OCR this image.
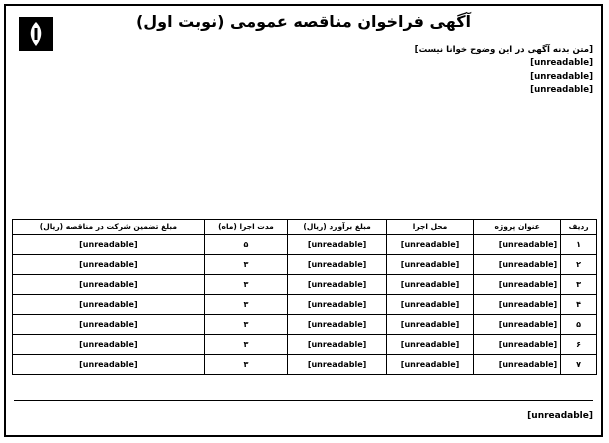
آگهی فراخوان مناقصه عمومی (نوبت اول)

[متن بدنه آگهی در این وضوح خوانا نیست]

[unreadable]

[unreadable]

[unreadable]

ردیف	عنوان پروژه	محل اجرا	مبلغ برآورد (ریال)	مدت اجرا (ماه)	مبلغ تضمین شرکت در مناقصه (ریال)
۱	[unreadable]	[unreadable]	[unreadable]	۵	[unreadable]
۲	[unreadable]	[unreadable]	[unreadable]	۳	[unreadable]
۳	[unreadable]	[unreadable]	[unreadable]	۳	[unreadable]
۴	[unreadable]	[unreadable]	[unreadable]	۳	[unreadable]
۵	[unreadable]	[unreadable]	[unreadable]	۳	[unreadable]
۶	[unreadable]	[unreadable]	[unreadable]	۳	[unreadable]
۷	[unreadable]	[unreadable]	[unreadable]	۳	[unreadable]
[unreadable]
